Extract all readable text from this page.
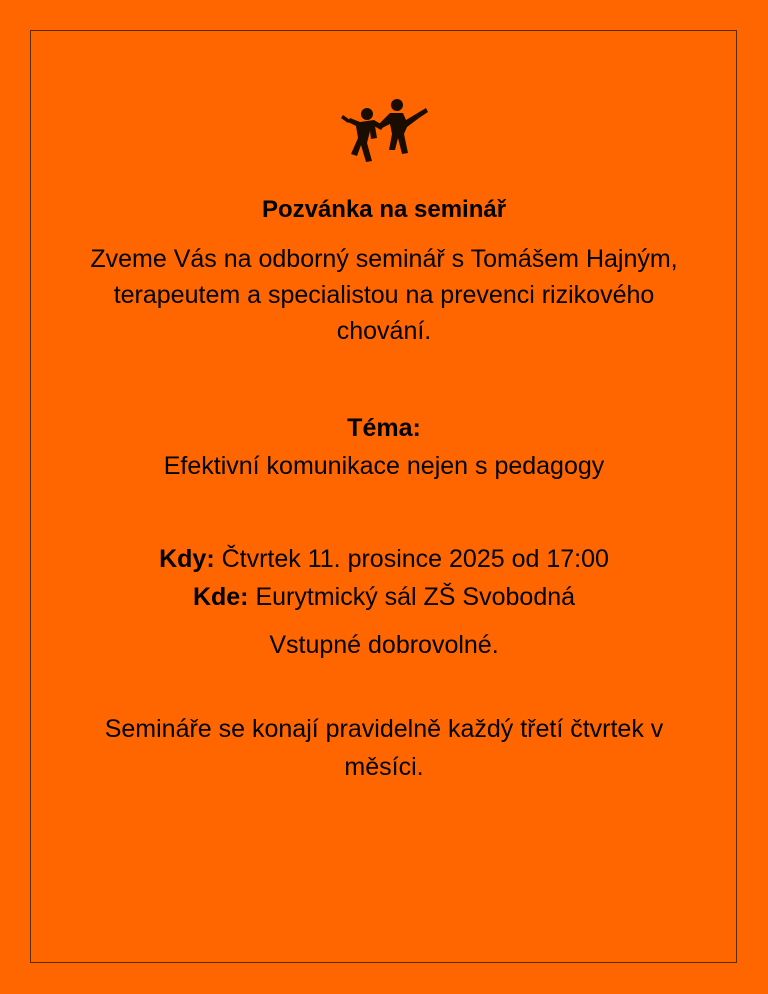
Pozvánka na seminář
Zveme Vás na odborný seminář s Tomášem Hajným, terapeutem a specialistou na prevenci rizikového chování.
Téma:
Efektivní komunikace nejen s pedagogy
Kdy: Čtvrtek 11. prosince 2025 od 17:00
Kde: Eurytmický sál ZŠ Svobodná
Vstupné dobrovolné.
Semináře se konají pravidelně každý třetí čtvrtek v měsíci.
